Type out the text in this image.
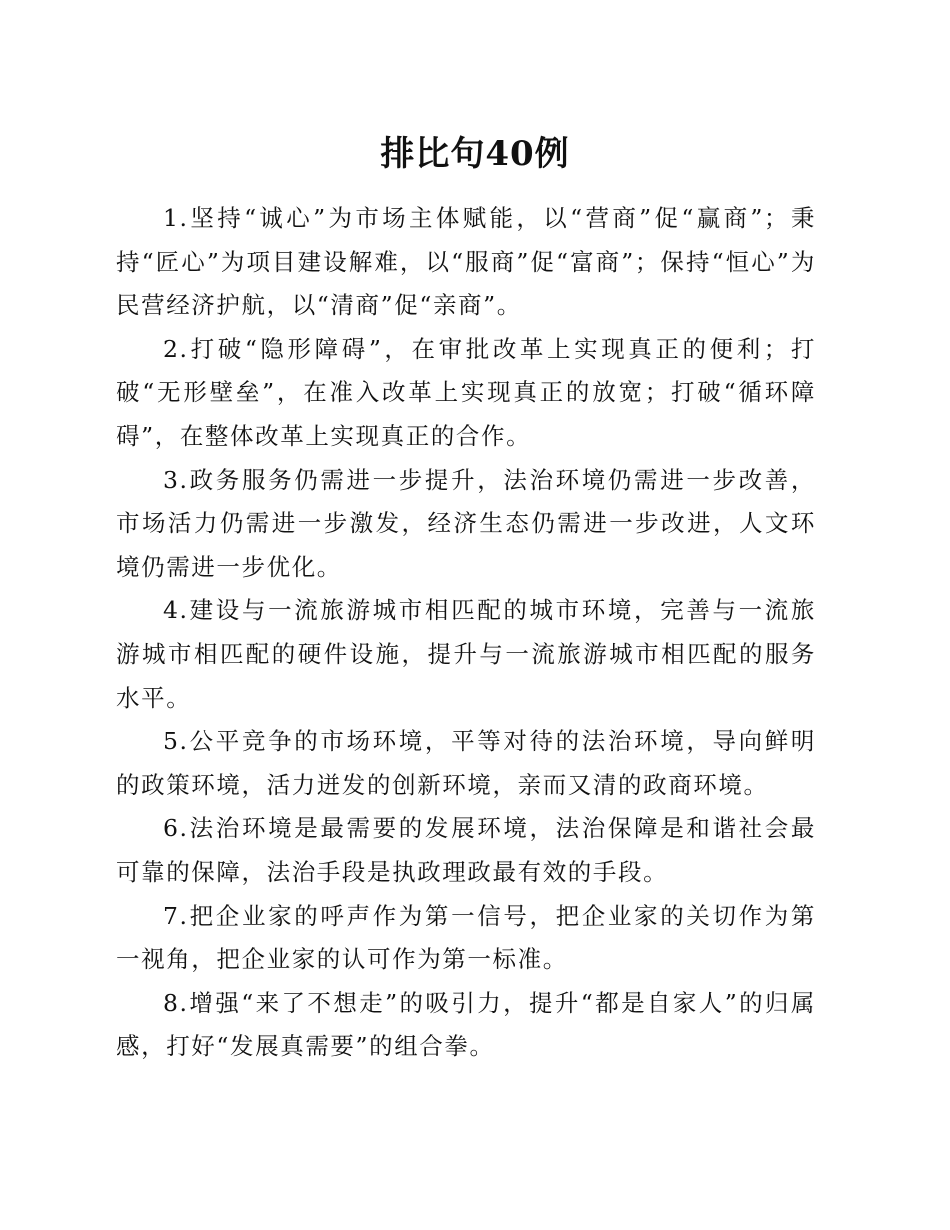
排比句40例

1.坚持“诚心”为市场主体赋能，以“营商”促“赢商”；秉持“匠心”为项目建设解难，以“服商”促“富商”；保持“恒心”为民营经济护航，以“清商”促“亲商”。

2.打破“隐形障碍”，在审批改革上实现真正的便利；打破“无形壁垒”，在准入改革上实现真正的放宽；打破“循环障碍”，在整体改革上实现真正的合作。

3.政务服务仍需进一步提升，法治环境仍需进一步改善，市场活力仍需进一步激发，经济生态仍需进一步改进，人文环境仍需进一步优化。

4.建设与一流旅游城市相匹配的城市环境，完善与一流旅游城市相匹配的硬件设施，提升与一流旅游城市相匹配的服务水平。

5.公平竞争的市场环境，平等对待的法治环境，导向鲜明的政策环境，活力迸发的创新环境，亲而又清的政商环境。

6.法治环境是最需要的发展环境，法治保障是和谐社会最可靠的保障，法治手段是执政理政最有效的手段。

7.把企业家的呼声作为第一信号，把企业家的关切作为第一视角，把企业家的认可作为第一标准。

8.增强“来了不想走”的吸引力，提升“都是自家人”的归属感，打好“发展真需要”的组合拳。
